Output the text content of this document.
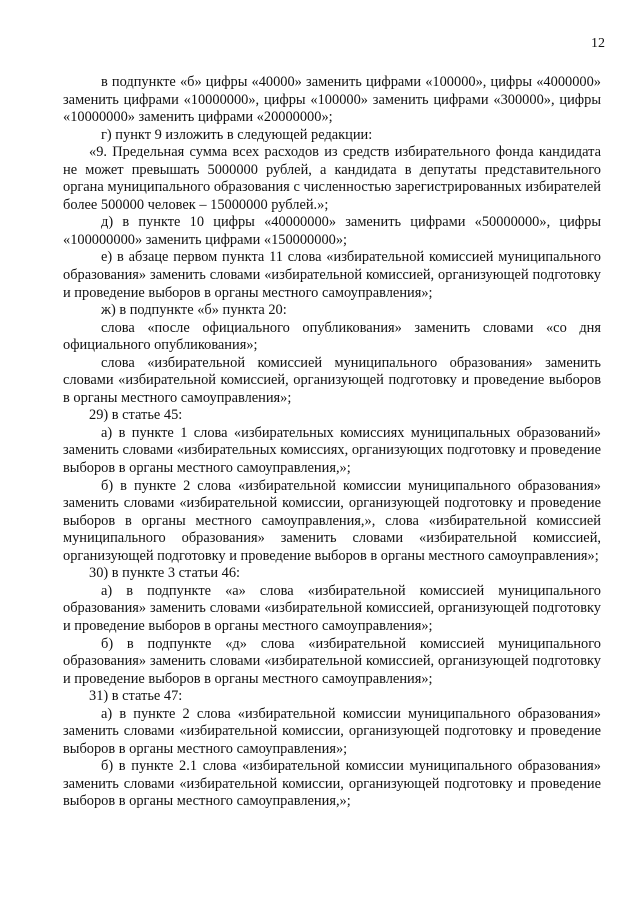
12

в подпункте «б» цифры «40000» заменить цифрами «100000», цифры «4000000» заменить цифрами «10000000», цифры «100000» заменить цифрами «300000», цифры «10000000» заменить цифрами «20000000»;

г) пункт 9 изложить в следующей редакции:

«9. Предельная сумма всех расходов из средств избирательного фонда кандидата не может превышать 5000000 рублей, а кандидата в депутаты представительного органа муниципального образования с численностью зарегистрированных избирателей более 500000 человек – 15000000 рублей.»;

д) в пункте 10 цифры «40000000» заменить цифрами «50000000», цифры «100000000» заменить цифрами «150000000»;

е) в абзаце первом пункта 11 слова «избирательной комиссией муниципального образования» заменить словами «избирательной комиссией, организующей подготовку и проведение выборов в органы местного самоуправления»;

ж) в подпункте «б» пункта 20:

слова «после официального опубликования» заменить словами «со дня официального опубликования»;

слова «избирательной комиссией муниципального образования» заменить словами «избирательной комиссией, организующей подготовку и проведение выборов в органы местного самоуправления»;

29) в статье 45:

а) в пункте 1 слова «избирательных комиссиях муниципальных образований» заменить словами «избирательных комиссиях, организующих подготовку и проведение выборов в органы местного самоуправления,»;

б) в пункте 2 слова «избирательной комиссии муниципального образования» заменить словами «избирательной комиссии, организующей подготовку и проведение выборов в органы местного самоуправления,», слова «избирательной комиссией муниципального образования» заменить словами «избирательной комиссией, организующей подготовку и проведение выборов в органы местного самоуправления»;

30) в пункте 3 статьи 46:

а) в подпункте «а» слова «избирательной комиссией муниципального образования» заменить словами «избирательной комиссией, организующей подготовку и проведение выборов в органы местного самоуправления»;

б) в подпункте «д» слова «избирательной комиссией муниципального образования» заменить словами «избирательной комиссией, организующей подготовку и проведение выборов в органы местного самоуправления»;

31) в статье 47:

а) в пункте 2 слова «избирательной комиссии муниципального образования» заменить словами «избирательной комиссии, организующей подготовку и проведение выборов в органы местного самоуправления»;

б) в пункте 2.1 слова «избирательной комиссии муниципального образования» заменить словами «избирательной комиссии, организующей подготовку и проведение выборов в органы местного самоуправления,»;
